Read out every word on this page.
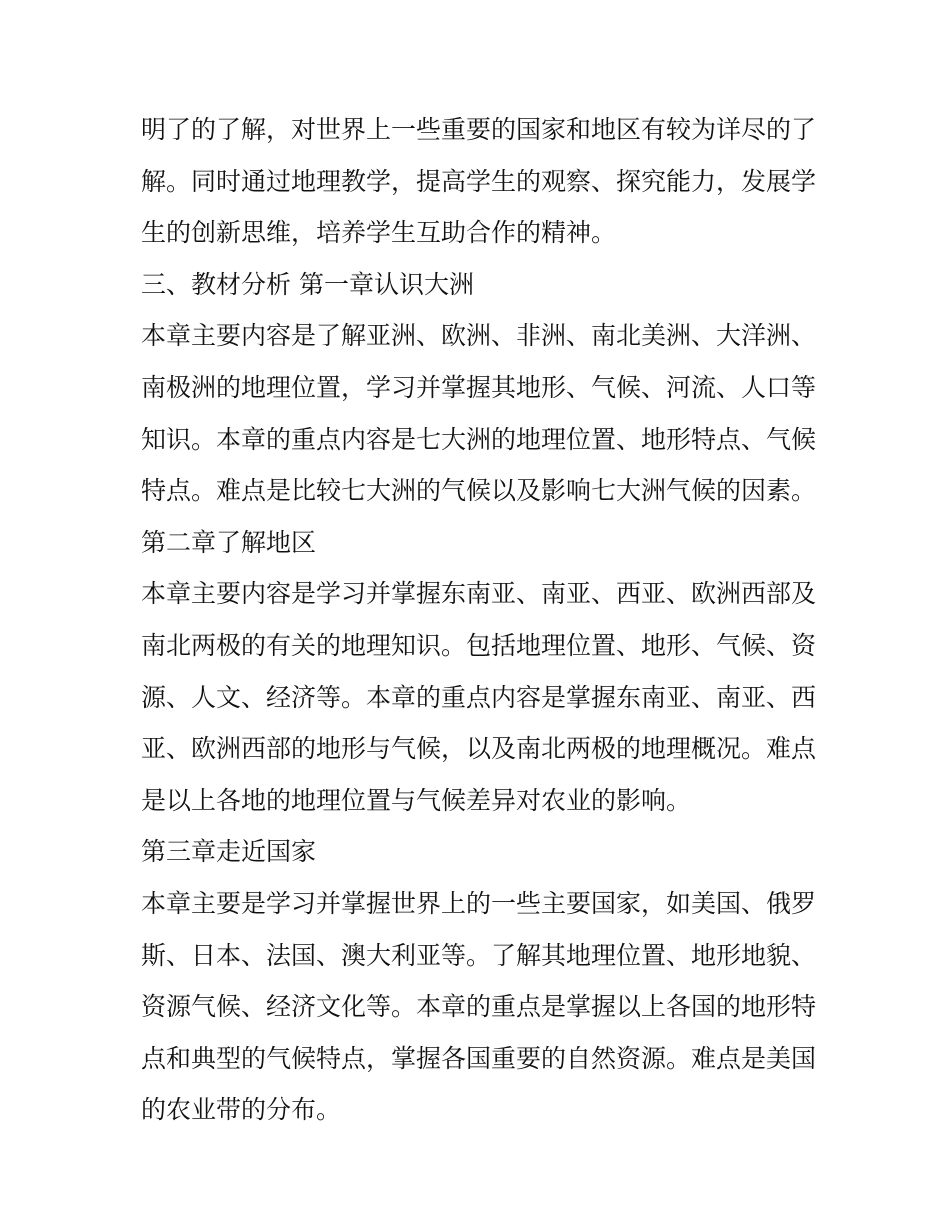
明了的了解，对世界上一些重要的国家和地区有较为详尽的了
解。同时通过地理教学，提高学生的观察、探究能力，发展学
生的创新思维，培养学生互助合作的精神。
三、教材分析 第一章认识大洲
本章主要内容是了解亚洲、欧洲、非洲、南北美洲、大洋洲、
南极洲的地理位置，学习并掌握其地形、气候、河流、人口等
知识。本章的重点内容是七大洲的地理位置、地形特点、气候
特点。难点是比较七大洲的气候以及影响七大洲气候的因素。
第二章了解地区
本章主要内容是学习并掌握东南亚、南亚、西亚、欧洲西部及
南北两极的有关的地理知识。包括地理位置、地形、气候、资
源、人文、经济等。本章的重点内容是掌握东南亚、南亚、西
亚、欧洲西部的地形与气候，以及南北两极的地理概况。难点
是以上各地的地理位置与气候差异对农业的影响。
第三章走近国家
本章主要是学习并掌握世界上的一些主要国家，如美国、俄罗
斯、日本、法国、澳大利亚等。了解其地理位置、地形地貌、
资源气候、经济文化等。本章的重点是掌握以上各国的地形特
点和典型的气候特点，掌握各国重要的自然资源。难点是美国
的农业带的分布。
